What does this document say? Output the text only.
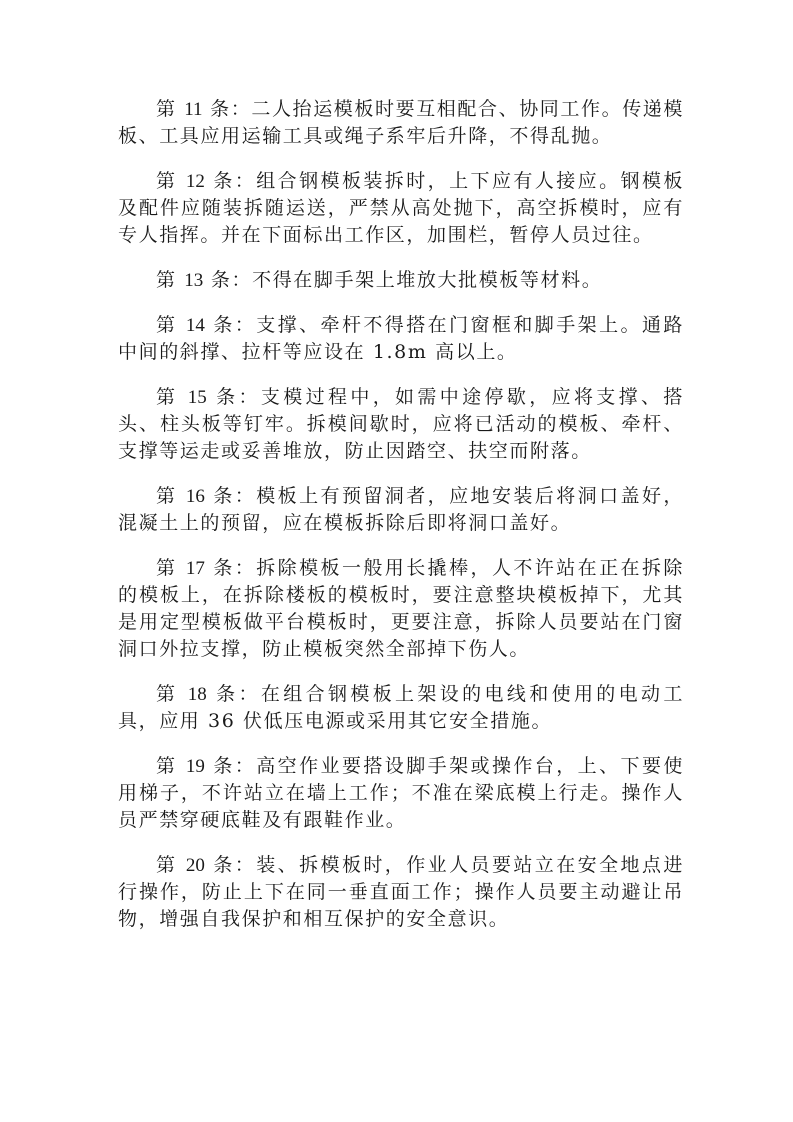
第 11 条：二人抬运模板时要互相配合、协同工作。传递模板、工具应用运输工具或绳子系牢后升降，不得乱抛。

第 12 条：组合钢模板装拆时，上下应有人接应。钢模板及配件应随装拆随运送，严禁从高处抛下，高空拆模时，应有专人指挥。并在下面标出工作区，加围栏，暂停人员过往。

第 13 条：不得在脚手架上堆放大批模板等材料。

第 14 条：支撑、牵杆不得搭在门窗框和脚手架上。通路中间的斜撑、拉杆等应设在 1.8m 高以上。

第 15 条：支模过程中，如需中途停歇，应将支撑、搭头、柱头板等钉牢。拆模间歇时，应将已活动的模板、牵杆、支撑等运走或妥善堆放，防止因踏空、扶空而附落。

第 16 条：模板上有预留洞者，应地安装后将洞口盖好，混凝土上的预留，应在模板拆除后即将洞口盖好。

第 17 条：拆除模板一般用长撬棒，人不许站在正在拆除的模板上，在拆除楼板的模板时，要注意整块模板掉下，尤其是用定型模板做平台模板时，更要注意，拆除人员要站在门窗洞口外拉支撑，防止模板突然全部掉下伤人。

第 18 条：在组合钢模板上架设的电线和使用的电动工具，应用 36 伏低压电源或采用其它安全措施。

第 19 条：高空作业要搭设脚手架或操作台，上、下要使用梯子，不许站立在墙上工作；不准在梁底模上行走。操作人员严禁穿硬底鞋及有跟鞋作业。

第 20 条：装、拆模板时，作业人员要站立在安全地点进行操作，防止上下在同一垂直面工作；操作人员要主动避让吊物，增强自我保护和相互保护的安全意识。
